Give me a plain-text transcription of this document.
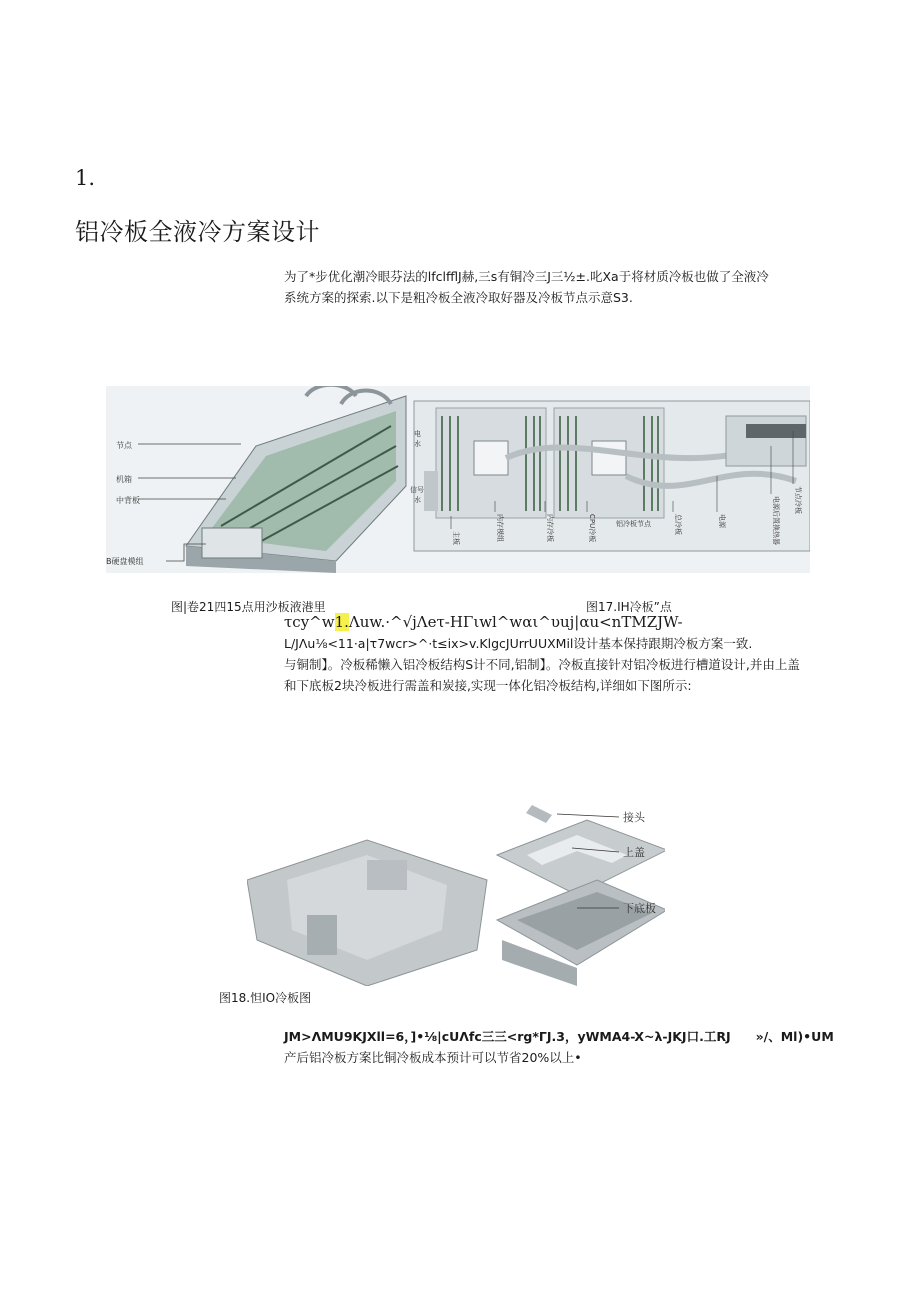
1.
铝冷板全液冷方案设计
为了*步优化潮冷眼芬法的lfclfflJ赫,三s有铜冷三J三½±.叱Xa于将材质冷板也做了全液冷
系统方案的探索.以下是粗冷板全液冷取好器及冷板节点示意S3.
节点
机箱
中背板
B硬盘模组
电
水
信号
水
主板	内存模组	内存冷板	CPU冷板	铝冷板节点	总冷板	电源	电源后置换热器 节点冷板
图|卷21四15点用沙板液港里	图17.IH冷板”点
τcy^w1.Λuw.·^√jΛeτ-HΓιwl^wαι^υuj|αu<nTMZJW-
L/JΛu⅛<11·a|τ7wcr>^·t≤ix>v.KlgcJUrrUUXMil设计基本保持跟期冷板方案一致.
与铜制】。冷板稀懒入铝冷板结构S计不同,铝制】。冷板直接针对铝冷板进行槽道设计,并由上盖
和下底板2块冷板进行需盖和炭接,实现一体化铝冷板结构,详细如下图所示:
接头
上盖
下底板
图18.怛IO冷板图
JM>ΛMU9KJXll=6，]•⅛|cUΛfc三三<rg*ΓJ.3，yWMA4-X~λ-JKJ口.工RJ　　»/、Ml)•UM
产后铝冷板方案比铜冷板成本预计可以节省20%以上•
